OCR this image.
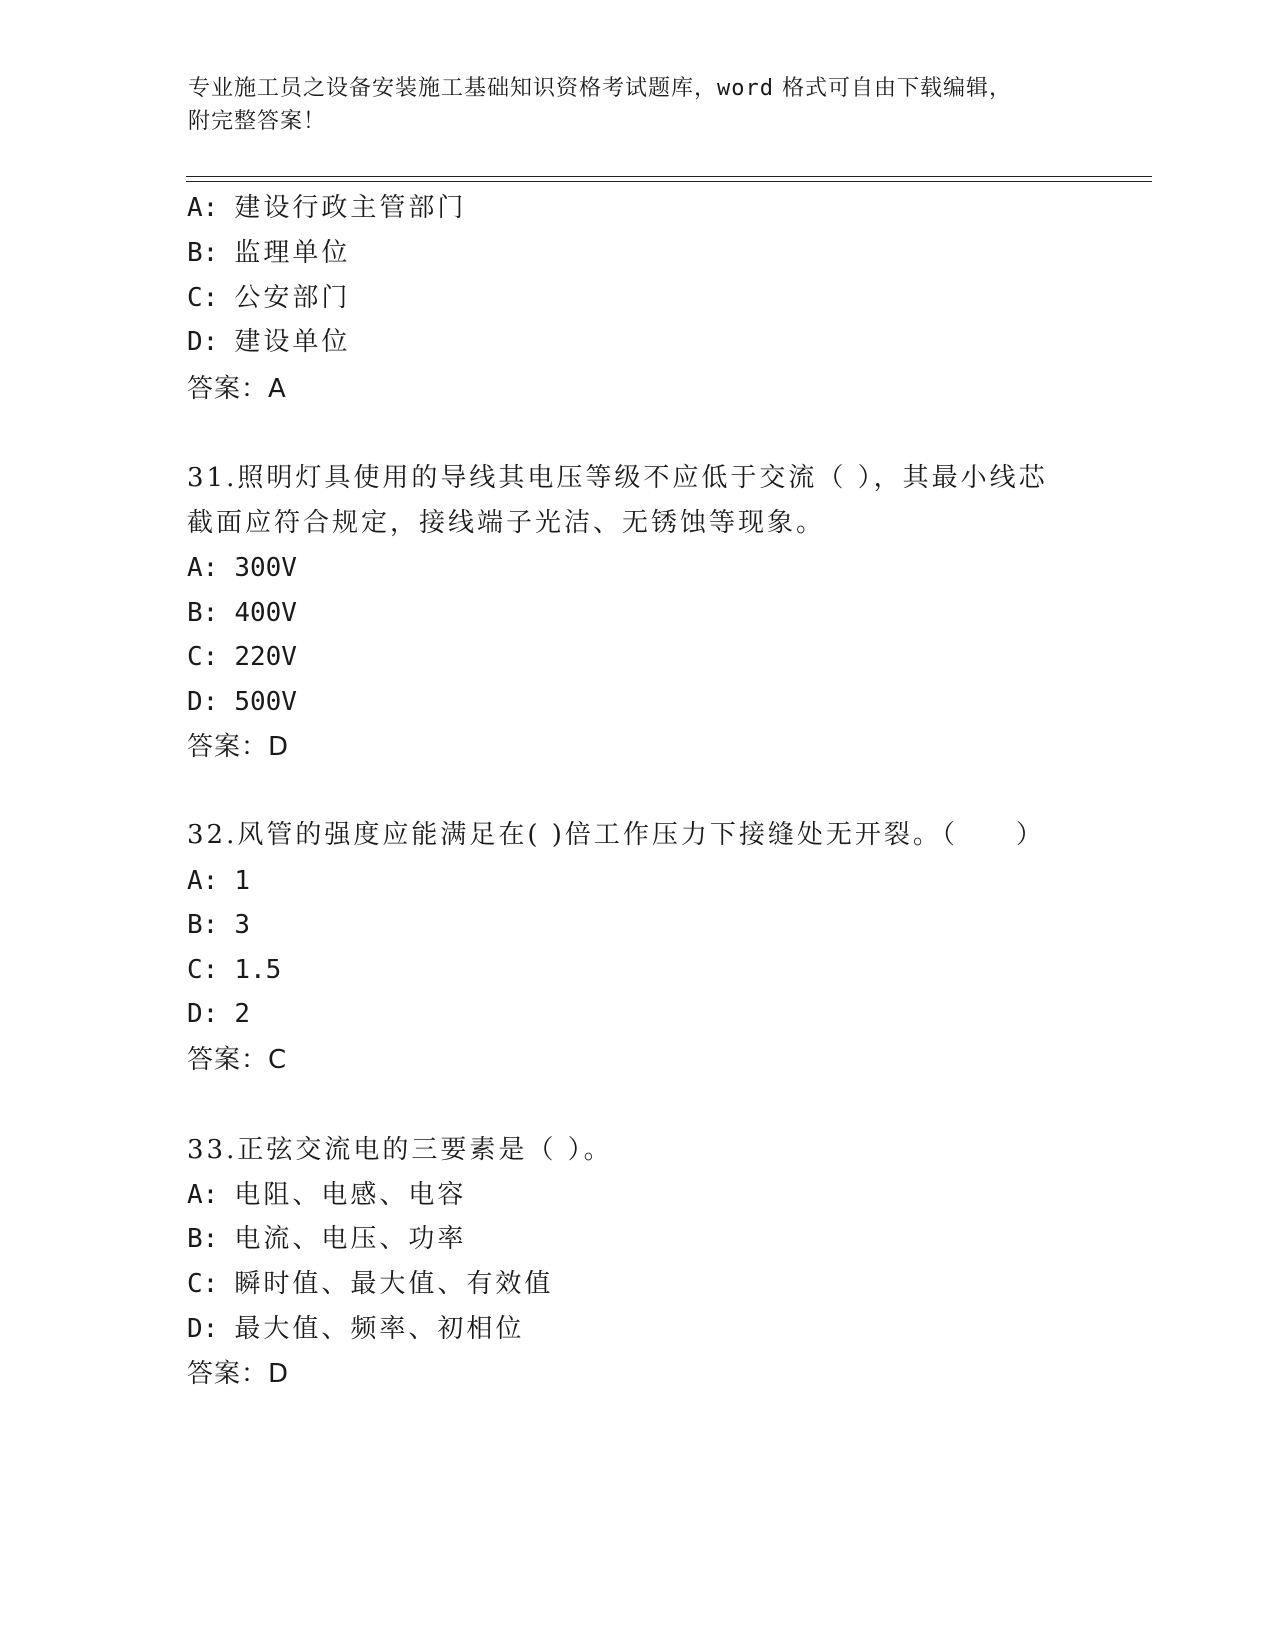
专业施工员之设备安装施工基础知识资格考试题库，word 格式可自由下载编辑，
附完整答案！
A: 建设行政主管部门
B: 监理单位
C: 公安部门
D: 建设单位
答案：A
31.照明灯具使用的导线其电压等级不应低于交流（ ），其最小线芯
截面应符合规定，接线端子光洁、无锈蚀等现象。
A: 300V
B: 400V
C: 220V
D: 500V
答案：D
32.风管的强度应能满足在( )倍工作压力下接缝处无开裂。（　　）
A: 1
B: 3
C: 1.5
D: 2
答案：C
33.正弦交流电的三要素是（ ）。
A: 电阻、电感、电容
B: 电流、电压、功率
C: 瞬时值、最大值、有效值
D: 最大值、频率、初相位
答案：D
